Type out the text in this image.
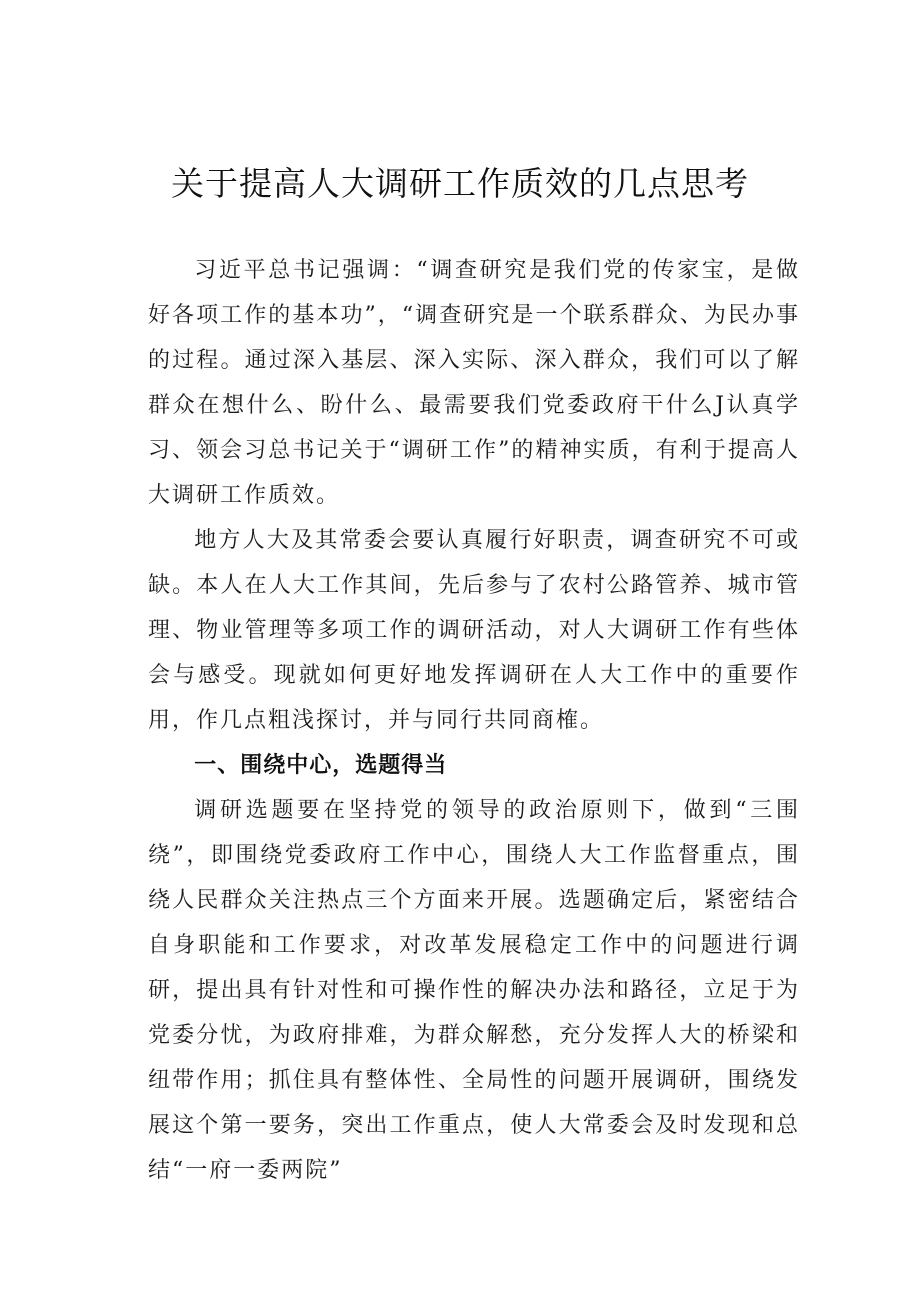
关于提高人大调研工作质效的几点思考

习近平总书记强调：“调查研究是我们党的传家宝，是做好各项工作的基本功”，“调查研究是一个联系群众、为民办事的过程。通过深入基层、深入实际、深入群众，我们可以了解群众在想什么、盼什么、最需要我们党委政府干什么J认真学习、领会习总书记关于“调研工作”的精神实质，有利于提高人大调研工作质效。

地方人大及其常委会要认真履行好职责，调查研究不可或缺。本人在人大工作其间，先后参与了农村公路管养、城市管理、物业管理等多项工作的调研活动，对人大调研工作有些体会与感受。现就如何更好地发挥调研在人大工作中的重要作用，作几点粗浅探讨，并与同行共同商榷。

一、围绕中心，选题得当

调研选题要在坚持党的领导的政治原则下，做到“三围绕”，即围绕党委政府工作中心，围绕人大工作监督重点，围绕人民群众关注热点三个方面来开展。选题确定后，紧密结合自身职能和工作要求，对改革发展稳定工作中的问题进行调研，提出具有针对性和可操作性的解决办法和路径，立足于为党委分忧，为政府排难，为群众解愁，充分发挥人大的桥梁和纽带作用；抓住具有整体性、全局性的问题开展调研，围绕发展这个第一要务，突出工作重点，使人大常委会及时发现和总结“一府一委两院”
